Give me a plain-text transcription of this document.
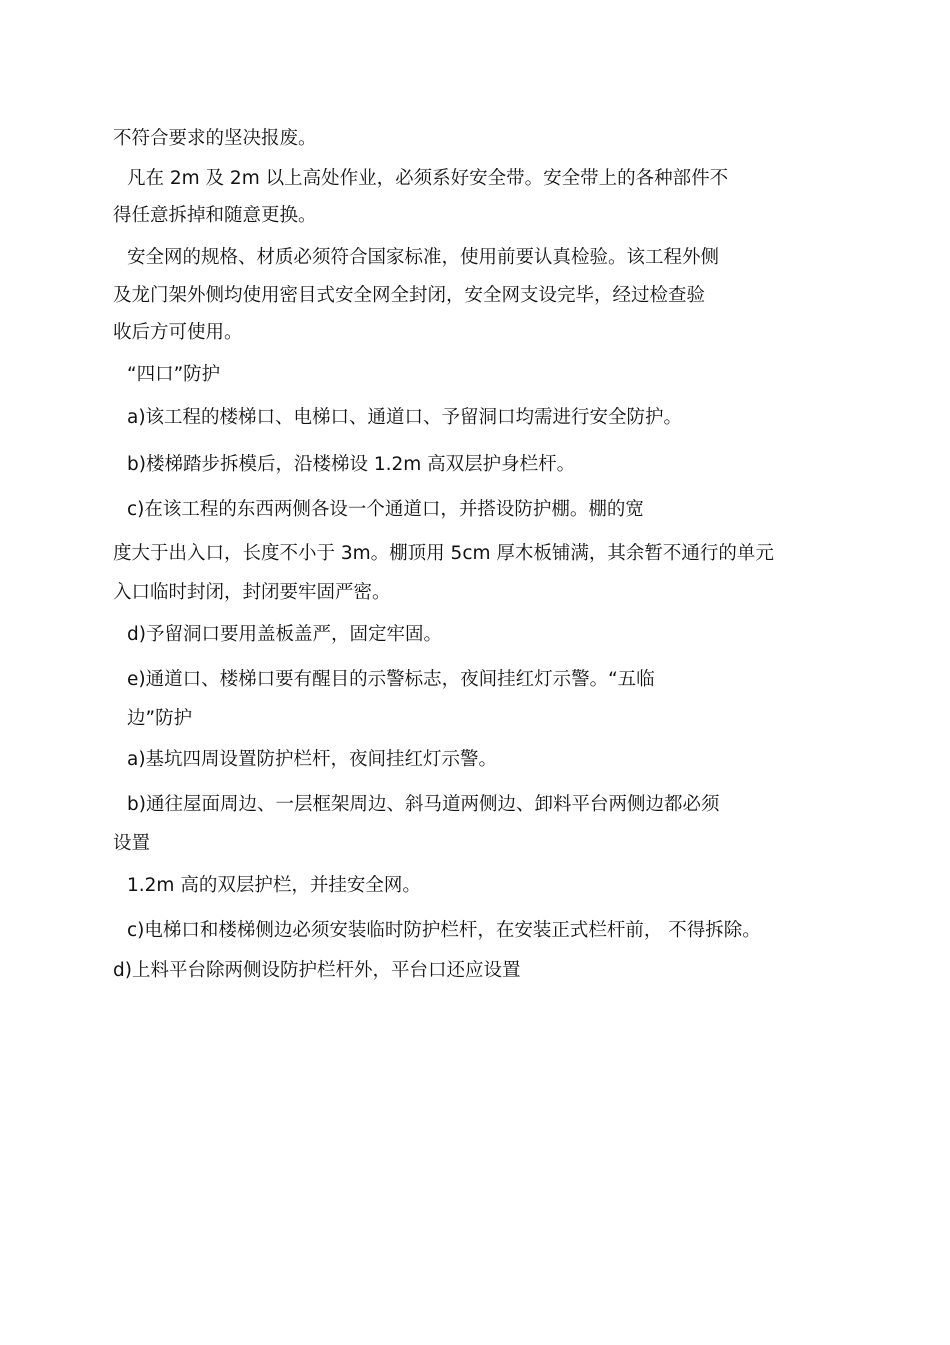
不符合要求的坚决报废。
凡在 2m 及 2m 以上高处作业，必须系好安全带。安全带上的各种部件不
得任意拆掉和随意更换。
安全网的规格、材质必须符合国家标准，使用前要认真检验。该工程外侧
及龙门架外侧均使用密目式安全网全封闭，安全网支设完毕，经过检查验
收后方可使用。
“四口”防护
a)该工程的楼梯口、电梯口、通道口、予留洞口均需进行安全防护。
b)楼梯踏步拆模后，沿楼梯设 1.2m 高双层护身栏杆。
c)在该工程的东西两侧各设一个通道口，并搭设防护棚。棚的宽
度大于出入口，长度不小于 3m。棚顶用 5cm 厚木板铺满，其余暂不通行的单元
入口临时封闭，封闭要牢固严密。
d)予留洞口要用盖板盖严，固定牢固。
e)通道口、楼梯口要有醒目的示警标志，夜间挂红灯示警。“五临
边”防护
a)基坑四周设置防护栏杆，夜间挂红灯示警。
b)通往屋面周边、一层框架周边、斜马道两侧边、卸料平台两侧边都必须
设置
1.2m 高的双层护栏，并挂安全网。
c)电梯口和楼梯侧边必须安装临时防护栏杆，在安装正式栏杆前， 不得拆除。
d)上料平台除两侧设防护栏杆外，平台口还应设置
